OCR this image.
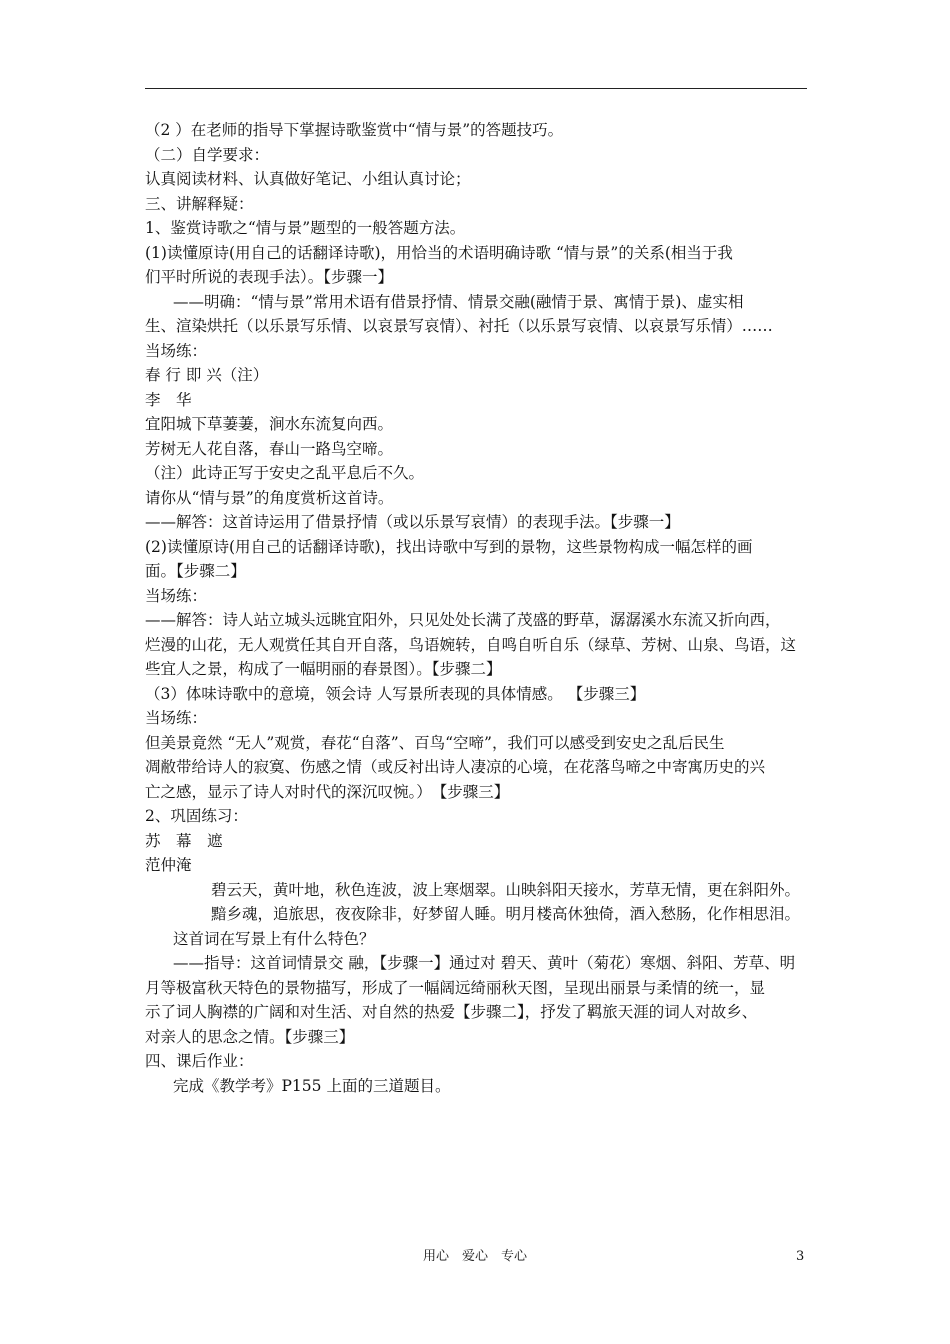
（2 ）在老师的指导下掌握诗歌鉴赏中“情与景”的答题技巧。
（二）自学要求：
认真阅读材料、认真做好笔记、小组认真讨论；
三、讲解释疑：
1、鉴赏诗歌之“情与景”题型的一般答题方法。
(1)读懂原诗(用自己的话翻译诗歌)，用恰当的术语明确诗歌 “情与景”的关系(相当于我
们平时所说的表现手法）。【步骤一】
——明确：“情与景”常用术语有借景抒情、情景交融(融情于景、寓情于景)、虚实相
生、渲染烘托（以乐景写乐情、以哀景写哀情）、衬托（以乐景写哀情、以哀景写乐情）……
当场练：
春 行 即 兴（注）
李　华
宜阳城下草萋萋，涧水东流复向西。
芳树无人花自落，春山一路鸟空啼。
（注）此诗正写于安史之乱平息后不久。
请你从“情与景”的角度赏析这首诗。
——解答：这首诗运用了借景抒情（或以乐景写哀情）的表现手法。【步骤一】
(2)读懂原诗(用自己的话翻译诗歌)，找出诗歌中写到的景物，这些景物构成一幅怎样的画
面。【步骤二】
当场练：
——解答：诗人站立城头远眺宜阳外，只见处处长满了茂盛的野草，潺潺溪水东流又折向西，
烂漫的山花，无人观赏任其自开自落，鸟语婉转，自鸣自听自乐（绿草、芳树、山泉、鸟语，这
些宜人之景，构成了一幅明丽的春景图）。【步骤二】
（3）体味诗歌中的意境，领会诗 人写景所表现的具体情感。 【步骤三】
当场练：
但美景竟然 “无人”观赏，春花“自落”、百鸟“空啼”，我们可以感受到安史之乱后民生
凋敝带给诗人的寂寞、伤感之情（或反衬出诗人凄凉的心境，在花落鸟啼之中寄寓历史的兴
亡之感，显示了诗人对时代的深沉叹惋。）　【步骤三】
2、巩固练习：
苏　幕　遮
范仲淹
碧云天，黄叶地，秋色连波，波上寒烟翠。山映斜阳天接水，芳草无情，更在斜阳外。
黯乡魂，追旅思，夜夜除非，好梦留人睡。明月楼高休独倚，酒入愁肠，化作相思泪。
这首词在写景上有什么特色？
——指导：这首词情景交 融，【步骤一】通过对 碧天、黄叶（菊花）寒烟、斜阳、芳草、明
月等极富秋天特色的景物描写，形成了一幅阔远绮丽秋天图，呈现出丽景与柔情的统一，显
示了词人胸襟的广阔和对生活、对自然的热爱【步骤二】，抒发了羁旅天涯的词人对故乡、
对亲人的思念之情。【步骤三】
四、课后作业：
完成《教学考》P155 上面的三道题目。
用心　爱心　专心	3
